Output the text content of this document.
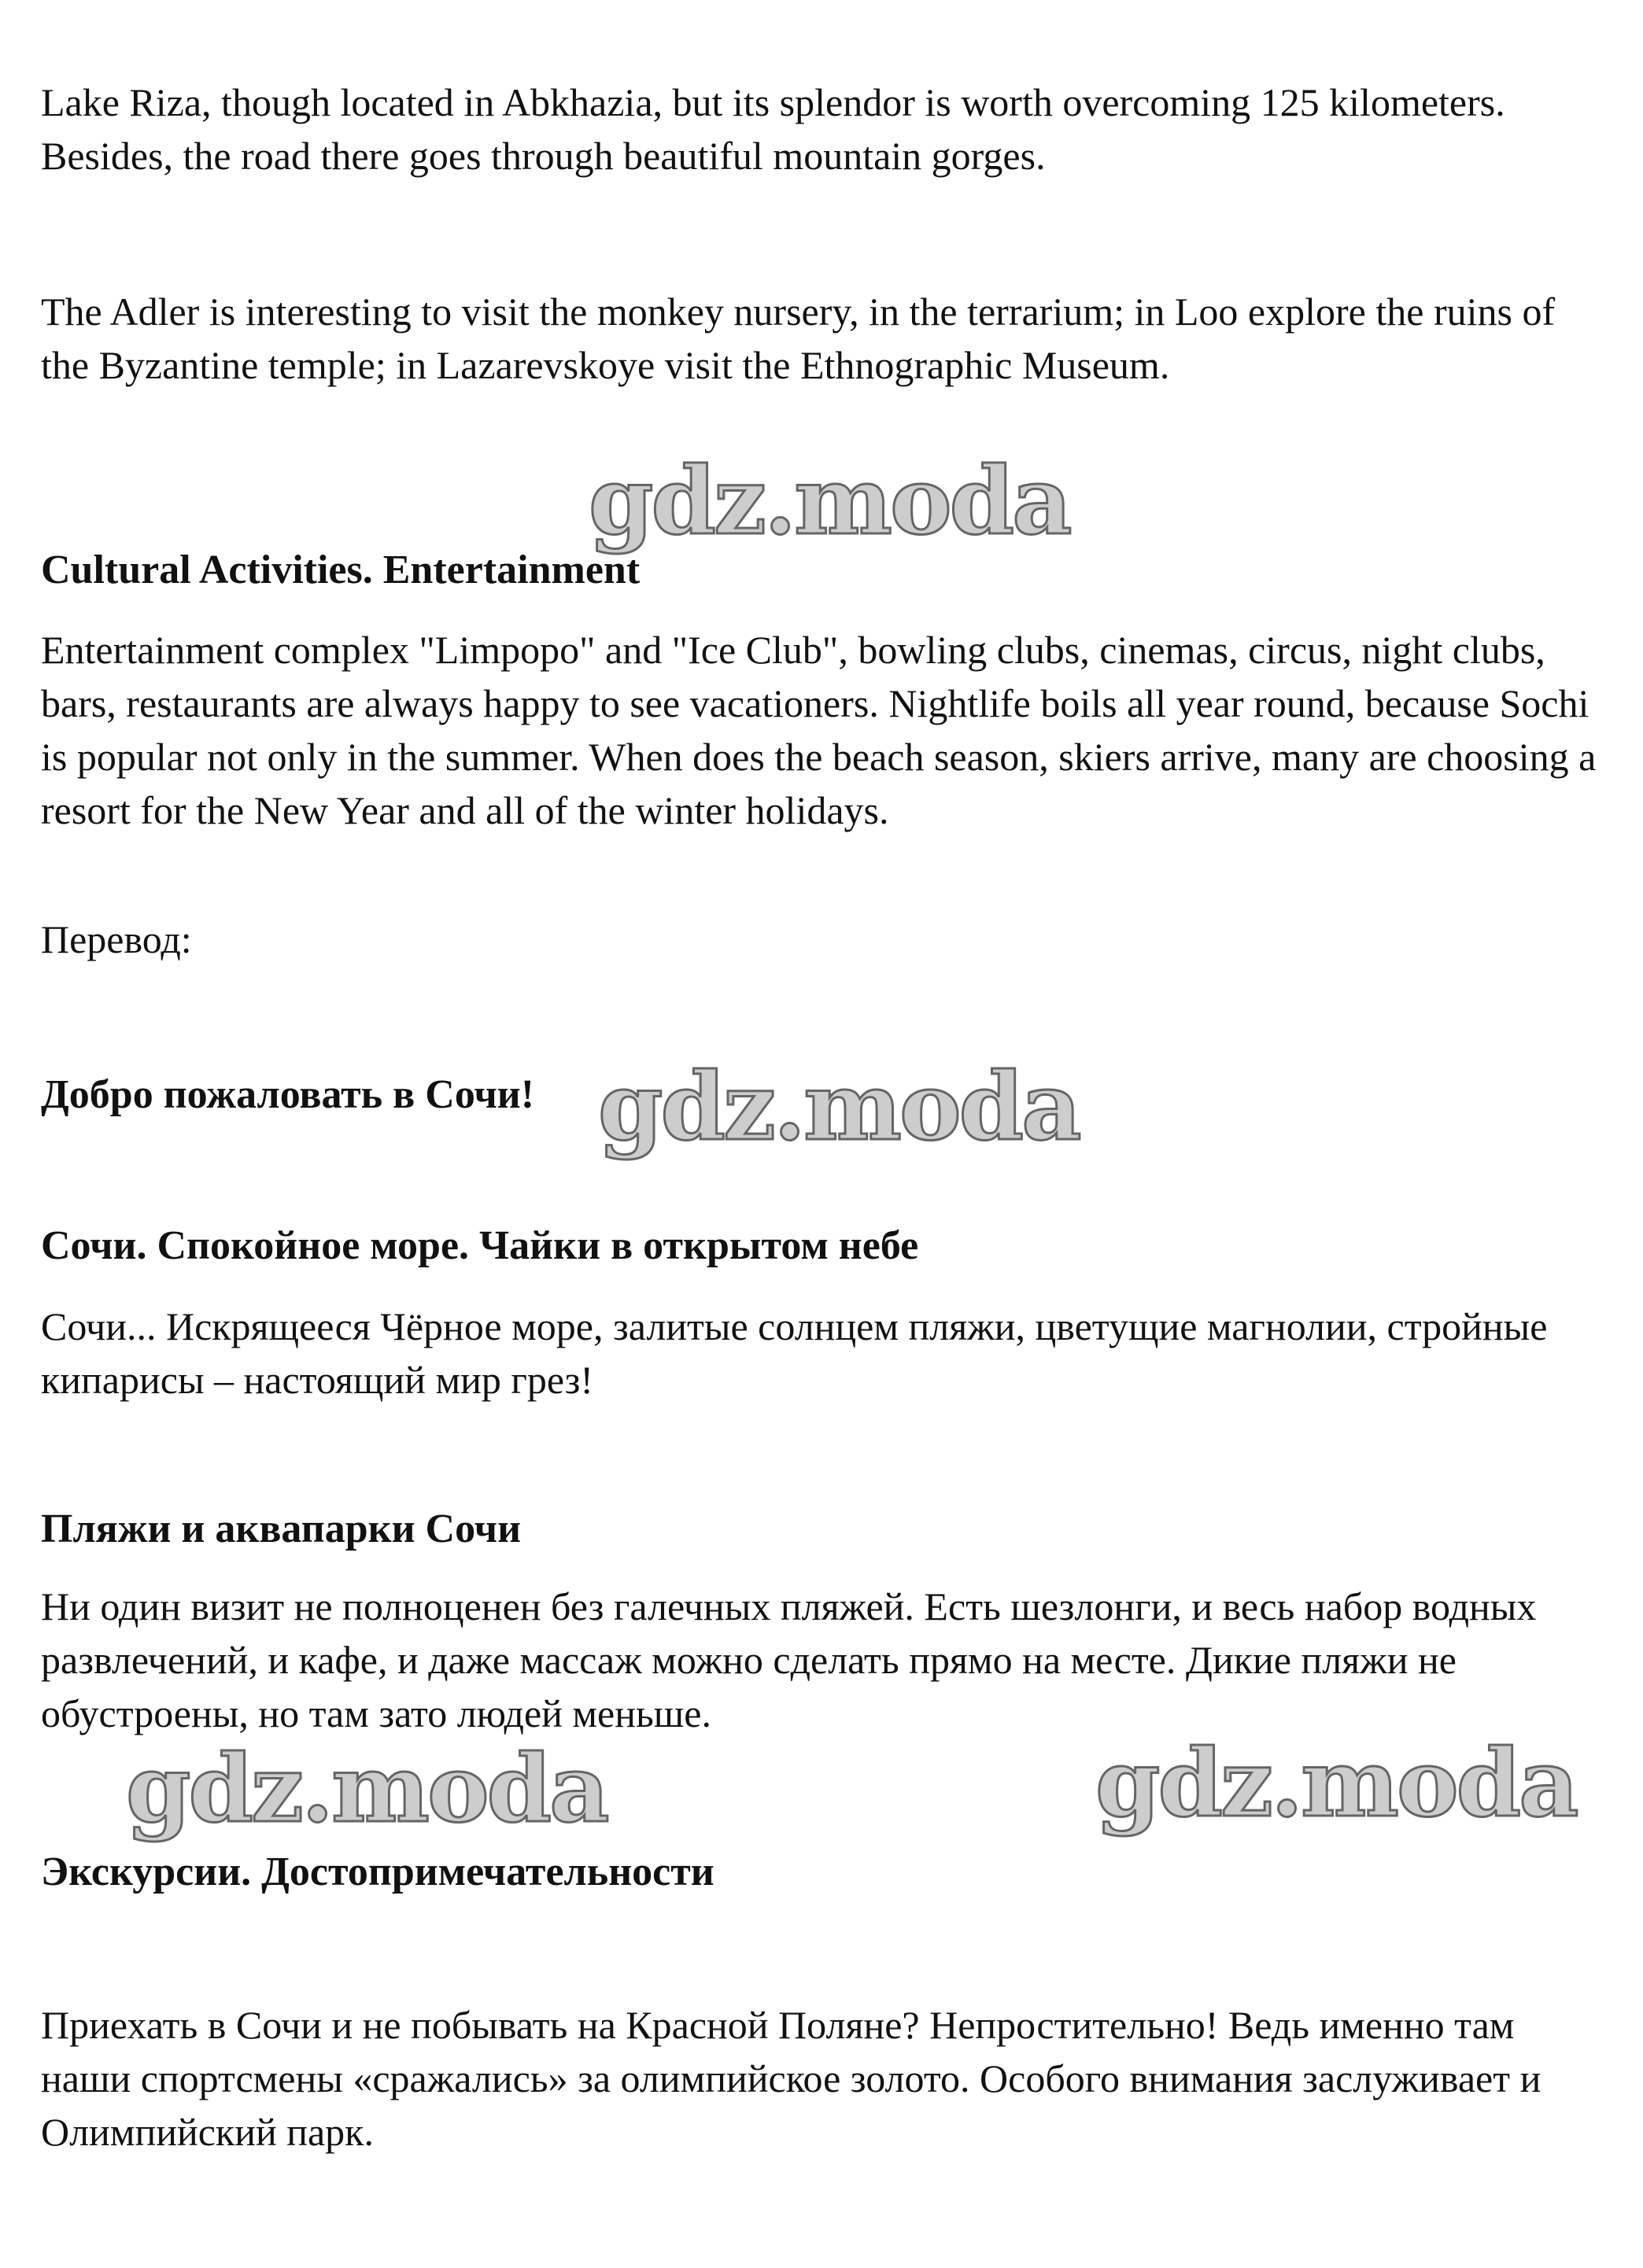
Lake Riza, though located in Abkhazia, but its splendor is worth overcoming 125 kilometers. Besides, the road there goes through beautiful mountain gorges.

The Adler is interesting to visit the monkey nursery, in the terrarium; in Loo explore the ruins of the Byzantine temple; in Lazarevskoye visit the Ethnographic Museum.

Cultural Activities. Entertainment

Entertainment complex "Limpopo" and "Ice Club", bowling clubs, cinemas, circus, night clubs, bars, restaurants are always happy to see vacationers. Nightlife boils all year round, because Sochi is popular not only in the summer. When does the beach season, skiers arrive, many are choosing a resort for the New Year and all of the winter holidays.

Перевод:

Добро пожаловать в Сочи!
Сочи. Спокойное море. Чайки в открытом небе

Сочи... Искрящееся Чёрное море, залитые солнцем пляжи, цветущие магнолии, стройные кипарисы – настоящий мир грез!

Пляжи и аквапарки Сочи

Ни один визит не полноценен без галечных пляжей. Есть шезлонги, и весь набор водных развлечений, и кафе, и даже массаж можно сделать прямо на месте. Дикие пляжи не обустроены, но там зато людей меньше.

Экскурсии. Достопримечательности

Приехать в Сочи и не побывать на Красной Поляне? Непростительно! Ведь именно там наши спортсмены «сражались» за олимпийское золото. Особого внимания заслуживает и Олимпийский парк.

gdz.moda
gdz.moda
gdz.moda	gdz.moda
